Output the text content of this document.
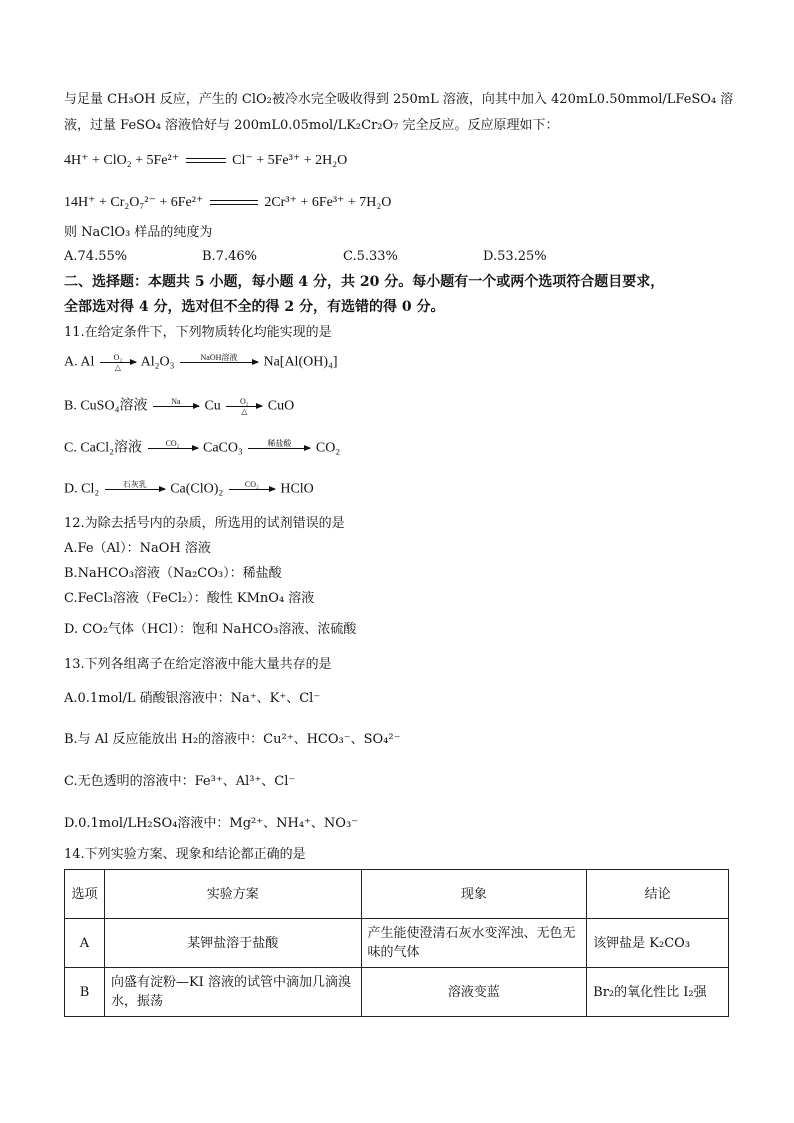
与足量 CH₃OH 反应，产生的 ClO₂被冷水完全吸收得到 250mL 溶液，向其中加入 420mL0.50mmol/LFeSO₄ 溶
液，过量 FeSO₄ 溶液恰好与 200mL0.05mol/LK₂Cr₂O₇ 完全反应。反应原理如下：
4H⁺ + ClO₂ + 5Fe²⁺	Cl⁻ + 5Fe³⁺ + 2H₂O
14H⁺ + Cr₂O₇²⁻ + 6Fe²⁺	2Cr³⁺ + 6Fe³⁺ + 7H₂O
则 NaClO₃ 样品的纯度为
A.74.55%	B.7.46%	C.5.33%	D.53.25%
二、选择题：本题共 5 小题，每小题 4 分，共 20 分。每小题有一个或两个选项符合题目要求，
全部选对得 4 分，选对但不全的得 2 分，有选错的得 0 分。
11.在给定条件下，下列物质转化均能实现的是
A. Al	O₂
△	Al₂O₃	NaOH溶液	Na[Al(OH)₄]
B. CuSO₄溶液	Na	Cu	O₂
△	CuO
C. CaCl₂溶液	CO₂	CaCO₃	稀盐酸	CO₂
D. Cl₂	石灰乳	Ca(ClO)₂	CO₂	HClO
12.为除去括号内的杂质，所选用的试剂错误的是
A.Fe（Al）：NaOH 溶液
B.NaHCO₃溶液（Na₂CO₃）：稀盐酸
C.FeCl₃溶液（FeCl₂）：酸性 KMnO₄ 溶液
D. CO₂气体（HCl）：饱和 NaHCO₃溶液、浓硫酸
13.下列各组离子在给定溶液中能大量共存的是
A.0.1mol/L 硝酸银溶液中：Na⁺、K⁺、Cl⁻
B.与 Al 反应能放出 H₂的溶液中：Cu²⁺、HCO₃⁻、SO₄²⁻
C.无色透明的溶液中：Fe³⁺、Al³⁺、Cl⁻
D.0.1mol/LH₂SO₄溶液中：Mg²⁺、NH₄⁺、NO₃⁻
14.下列实验方案、现象和结论都正确的是
选项	实验方案	现象	结论
A	某钾盐溶于盐酸	产生能使澄清石灰水变浑浊、无色无味的气体	该钾盐是 K₂CO₃
B	向盛有淀粉—KI 溶液的试管中滴加几滴溴水，振荡	溶液变蓝	Br₂的氧化性比 I₂强
